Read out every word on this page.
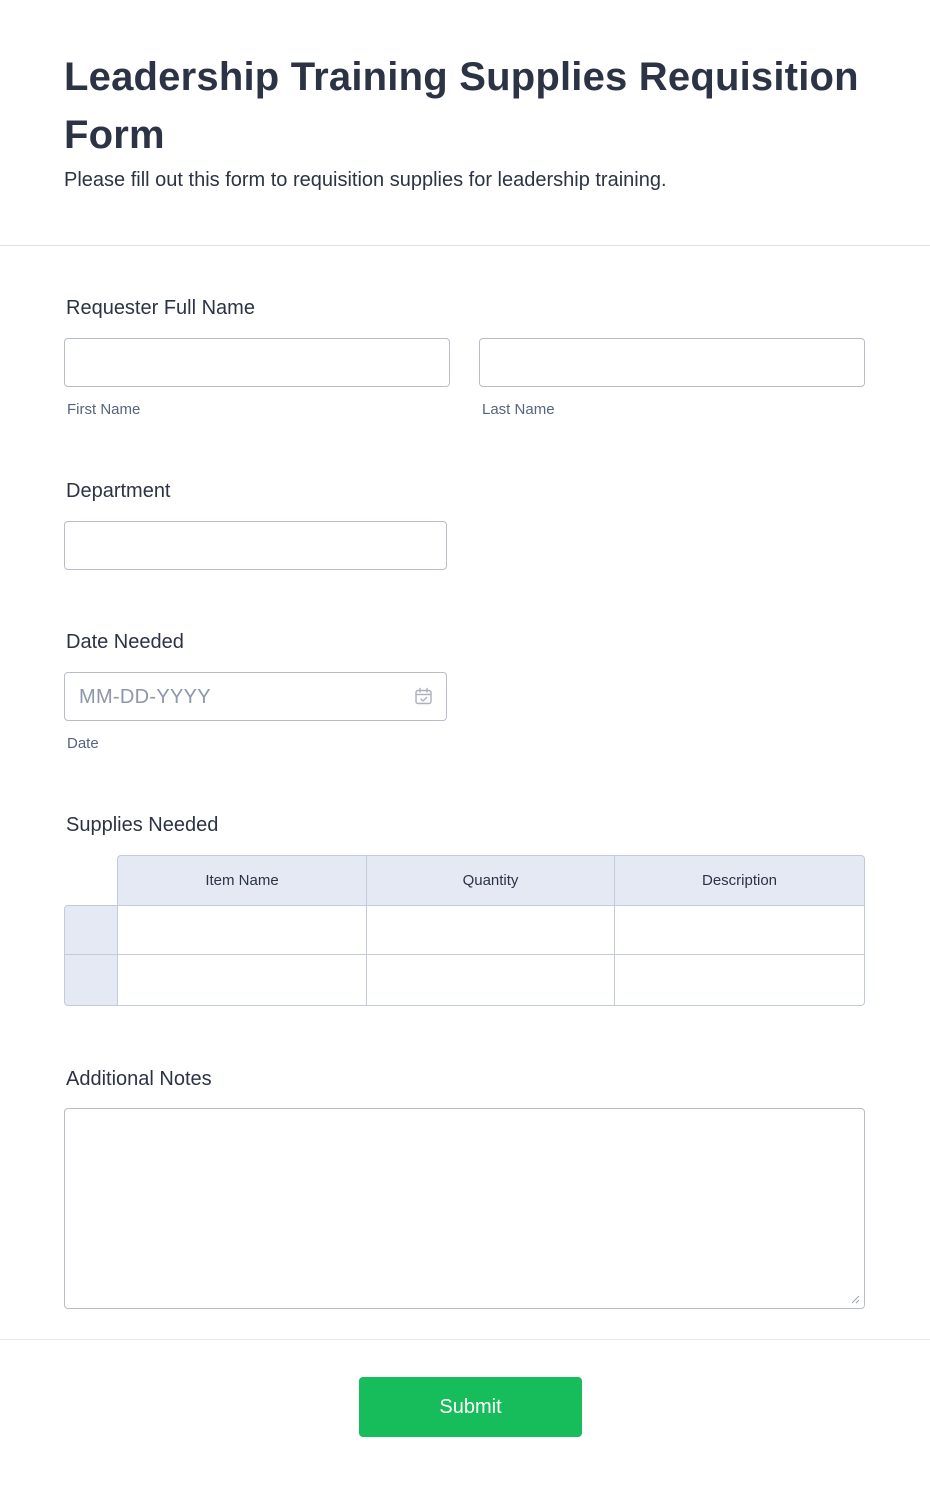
Leadership Training Supplies Requisition Form
Please fill out this form to requisition supplies for leadership training.
Requester Full Name
First Name	Last Name
Department
Date Needed
MM-DD-YYYY
Date
Supplies Needed
Item Name	Quantity	Description
Additional Notes
Submit
